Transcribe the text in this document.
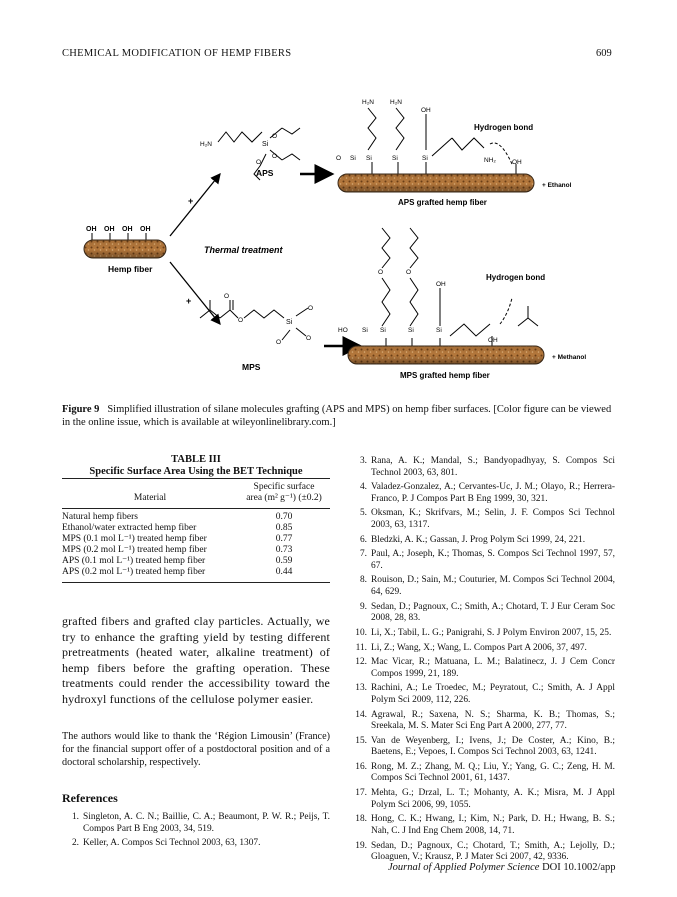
CHEMICAL MODIFICATION OF HEMP FIBERS	609
OH OH OH OH
Hemp fiber
+
+
Thermal treatment
H₂N	Si
O
O
O
APS
O
O	Si
O
O
O
MPS
H₂N H₂N
OH
O Si Si	Si	Si	NH₂ OH
Hydrogen bond
+ Ethanol
APS grafted hemp fiber
O	O
OH
HO Si Si	Si	Si
OH
Hydrogen bond
+ Methanol
MPS grafted hemp fiber
Figure 9 Simplified illustration of silane molecules grafting (APS and MPS) on hemp fiber surfaces. [Color figure can be viewed in the online issue, which is available at wileyonlinelibrary.com.]
TABLE III
Specific Surface Area Using the BET Technique
Material	
Specific surface
area (m² g⁻¹) (±0.2)
Natural hemp fibers	0.70
Ethanol/water extracted hemp fiber	0.85
MPS (0.1 mol L⁻¹) treated hemp fiber	0.77
MPS (0.2 mol L⁻¹) treated hemp fiber	0.73
APS (0.1 mol L⁻¹) treated hemp fiber	0.59
APS (0.2 mol L⁻¹) treated hemp fiber	0.44
grafted fibers and grafted clay particles. Actually, we try to enhance the grafting yield by testing different pretreatments (heated water, alkaline treatment) of hemp fibers before the grafting operation. These treatments could render the accessibility toward the hydroxyl functions of the cellulose polymer easier.
The authors would like to thank the ‘Région Limousin’ (France) for the financial support offer of a postdoctoral position and of a doctoral scholarship, respectively.
References
1. Singleton, A. C. N.; Baillie, C. A.; Beaumont, P. W. R.; Peijs, T. Compos Part B Eng 2003, 34, 519.
2. Keller, A. Compos Sci Technol 2003, 63, 1307.
3. Rana, A. K.; Mandal, S.; Bandyopadhyay, S. Compos Sci Technol 2003, 63, 801.
4. Valadez-Gonzalez, A.; Cervantes-Uc, J. M.; Olayo, R.; Herrera-Franco, P. J Compos Part B Eng 1999, 30, 321.
5. Oksman, K.; Skrifvars, M.; Selin, J. F. Compos Sci Technol 2003, 63, 1317.
6. Bledzki, A. K.; Gassan, J. Prog Polym Sci 1999, 24, 221.
7. Paul, A.; Joseph, K.; Thomas, S. Compos Sci Technol 1997, 57, 67.
8. Rouison, D.; Sain, M.; Couturier, M. Compos Sci Technol 2004, 64, 629.
9. Sedan, D.; Pagnoux, C.; Smith, A.; Chotard, T. J Eur Ceram Soc 2008, 28, 83.
10. Li, X.; Tabil, L. G.; Panigrahi, S. J Polym Environ 2007, 15, 25.
11. Li, Z.; Wang, X.; Wang, L. Compos Part A 2006, 37, 497.
12. Mac Vicar, R.; Matuana, L. M.; Balatinecz, J. J Cem Concr Compos 1999, 21, 189.
13. Rachini, A.; Le Troedec, M.; Peyratout, C.; Smith, A. J Appl Polym Sci 2009, 112, 226.
14. Agrawal, R.; Saxena, N. S.; Sharma, K. B.; Thomas, S.; Sreekala, M. S. Mater Sci Eng Part A 2000, 277, 77.
15. Van de Weyenberg, I.; Ivens, J.; De Coster, A.; Kino, B.; Baetens, E.; Vepoes, I. Compos Sci Technol 2003, 63, 1241.
16. Rong, M. Z.; Zhang, M. Q.; Liu, Y.; Yang, G. C.; Zeng, H. M. Compos Sci Technol 2001, 61, 1437.
17. Mehta, G.; Drzal, L. T.; Mohanty, A. K.; Misra, M. J Appl Polym Sci 2006, 99, 1055.
18. Hong, C. K.; Hwang, I.; Kim, N.; Park, D. H.; Hwang, B. S.; Nah, C. J Ind Eng Chem 2008, 14, 71.
19. Sedan, D.; Pagnoux, C.; Chotard, T.; Smith, A.; Lejolly, D.; Gloaguen, V.; Krausz, P. J Mater Sci 2007, 42, 9336.
Journal of Applied Polymer Science DOI 10.1002/app
